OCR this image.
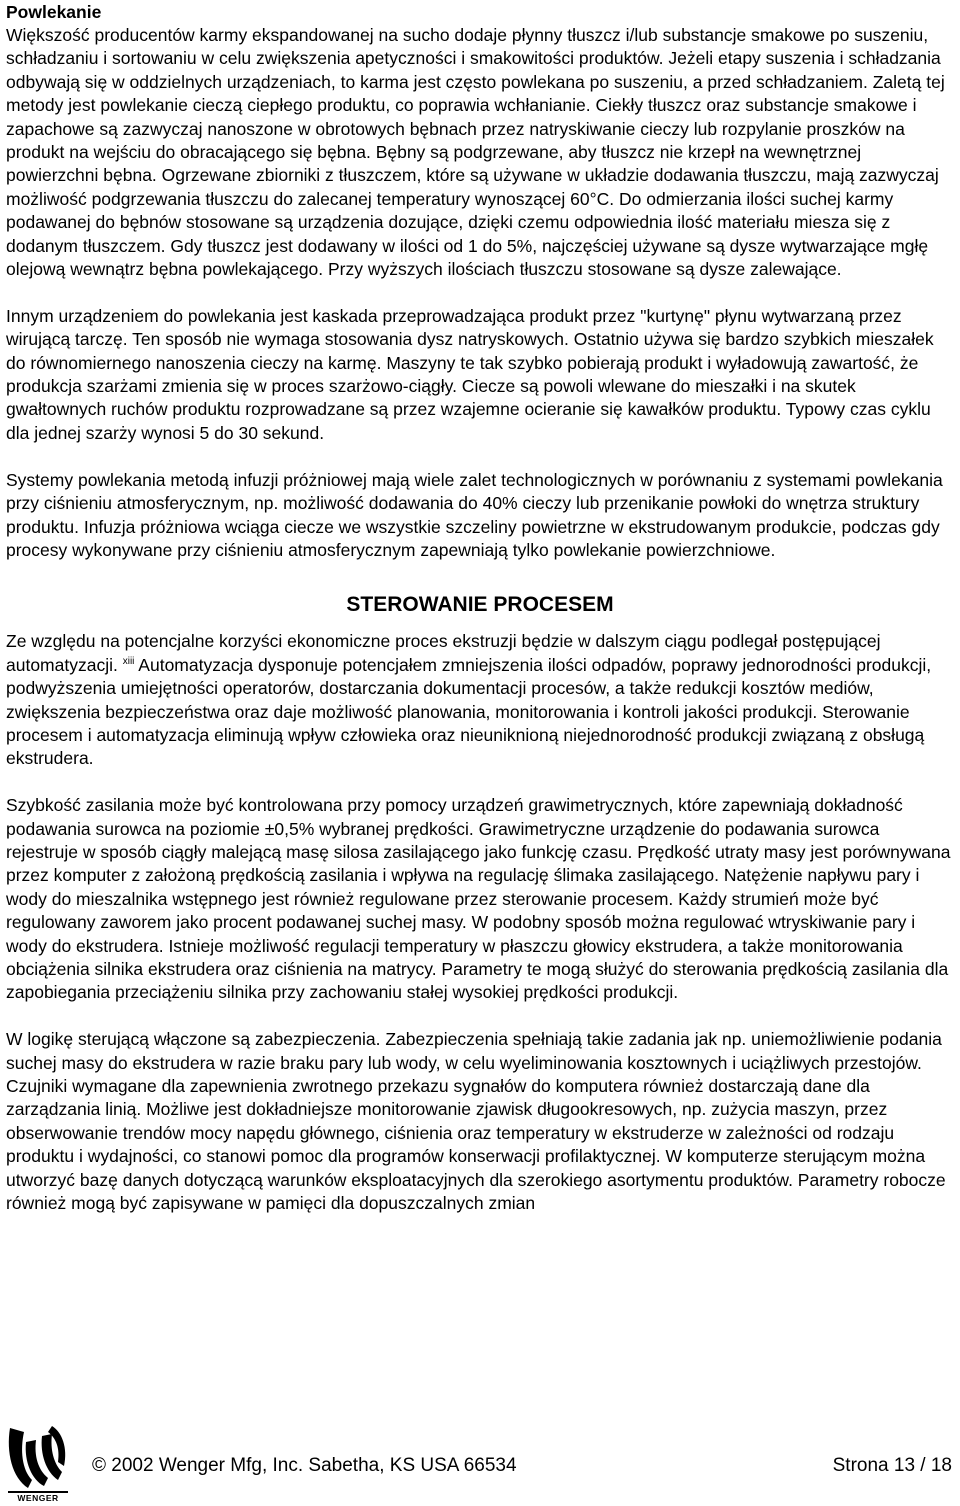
Powlekanie

Większość producentów karmy ekspandowanej na sucho dodaje płynny tłuszcz i/lub substancje smakowe po suszeniu, schładzaniu i sortowaniu w celu zwiększenia apetyczności i smakowitości produktów. Jeżeli etapy suszenia i schładzania odbywają się w oddzielnych urządzeniach, to karma jest często powlekana po suszeniu, a przed schładzaniem. Zaletą tej metody jest powlekanie cieczą ciepłego produktu, co poprawia wchłanianie. Ciekły tłuszcz oraz substancje smakowe i zapachowe są zazwyczaj nanoszone w obrotowych bębnach przez natryskiwanie cieczy lub rozpylanie proszków na produkt na wejściu do obracającego się bębna. Bębny są podgrzewane, aby tłuszcz nie krzepł na wewnętrznej powierzchni bębna. Ogrzewane zbiorniki z tłuszczem, które są używane w układzie dodawania tłuszczu, mają zazwyczaj możliwość podgrzewania tłuszczu do zalecanej temperatury wynoszącej 60°C. Do odmierzania ilości suchej karmy podawanej do bębnów stosowane są urządzenia dozujące, dzięki czemu odpowiednia ilość materiału miesza się z dodanym tłuszczem. Gdy tłuszcz jest dodawany w ilości od 1 do 5%, najczęściej używane są dysze wytwarzające mgłę olejową wewnątrz bębna powlekającego. Przy wyższych ilościach tłuszczu stosowane są dysze zalewające.

Innym urządzeniem do powlekania jest kaskada przeprowadzająca produkt przez "kurtynę" płynu wytwarzaną przez wirującą tarczę. Ten sposób nie wymaga stosowania dysz natryskowych. Ostatnio używa się bardzo szybkich mieszałek do równomiernego nanoszenia cieczy na karmę. Maszyny te tak szybko pobierają produkt i wyładowują zawartość, że produkcja szarżami zmienia się w proces szarżowo-ciągły. Ciecze są powoli wlewane do mieszałki i na skutek gwałtownych ruchów produktu rozprowadzane są przez wzajemne ocieranie się kawałków produktu. Typowy czas cyklu dla jednej szarży wynosi 5 do 30 sekund.

Systemy powlekania metodą infuzji próżniowej mają wiele zalet technologicznych w porównaniu z systemami powlekania przy ciśnieniu atmosferycznym, np. możliwość dodawania do 40% cieczy lub przenikanie powłoki do wnętrza struktury produktu. Infuzja próżniowa wciąga ciecze we wszystkie szczeliny powietrzne w ekstrudowanym produkcie, podczas gdy procesy wykonywane przy ciśnieniu atmosferycznym zapewniają tylko powlekanie powierzchniowe.

STEROWANIE PROCESEM

Ze względu na potencjalne korzyści ekonomiczne proces ekstruzji będzie w dalszym ciągu podlegał postępującej automatyzacji. $^{xiii}$ Automatyzacja dysponuje potencjałem zmniejszenia ilości odpadów, poprawy jednorodności produkcji, podwyższenia umiejętności operatorów, dostarczania dokumentacji procesów, a także redukcji kosztów mediów, zwiększenia bezpieczeństwa oraz daje możliwość planowania, monitorowania i kontroli jakości produkcji. Sterowanie procesem i automatyzacja eliminują wpływ człowieka oraz nieuniknioną niejednorodność produkcji związaną z obsługą ekstrudera.

Szybkość zasilania może być kontrolowana przy pomocy urządzeń grawimetrycznych, które zapewniają dokładność podawania surowca na poziomie ±0,5% wybranej prędkości. Grawimetryczne urządzenie do podawania surowca rejestruje w sposób ciągły malejącą masę silosa zasilającego jako funkcję czasu. Prędkość utraty masy jest porównywana przez komputer z założoną prędkością zasilania i wpływa na regulację ślimaka zasilającego. Natężenie napływu pary i wody do mieszalnika wstępnego jest również regulowane przez sterowanie procesem. Każdy strumień może być regulowany zaworem jako procent podawanej suchej masy. W podobny sposób można regulować wtryskiwanie pary i wody do ekstrudera. Istnieje możliwość regulacji temperatury w płaszczu głowicy ekstrudera, a także monitorowania obciążenia silnika ekstrudera oraz ciśnienia na matrycy. Parametry te mogą służyć do sterowania prędkością zasilania dla zapobiegania przeciążeniu silnika przy zachowaniu stałej wysokiej prędkości produkcji.

W logikę sterującą włączone są zabezpieczenia. Zabezpieczenia spełniają takie zadania jak np. uniemożliwienie podania suchej masy do ekstrudera w razie braku pary lub wody, w celu wyeliminowania kosztownych i uciążliwych przestojów. Czujniki wymagane dla zapewnienia zwrotnego przekazu sygnałów do komputera również dostarczają dane dla zarządzania linią. Możliwe jest dokładniejsze monitorowanie zjawisk długookresowych, np. zużycia maszyn, przez obserwowanie trendów mocy napędu głównego, ciśnienia oraz temperatury w ekstruderze w zależności od rodzaju produktu i wydajności, co stanowi pomoc dla programów konserwacji profilaktycznej. W komputerze sterującym można utworzyć bazę danych dotyczącą warunków eksploatacyjnych dla szerokiego asortymentu produktów. Parametry robocze również mogą być zapisywane w pamięci dla dopuszczalnych zmian

WENGER
© 2002 Wenger Mfg, Inc. Sabetha, KS USA 66534	Strona 13 / 18
